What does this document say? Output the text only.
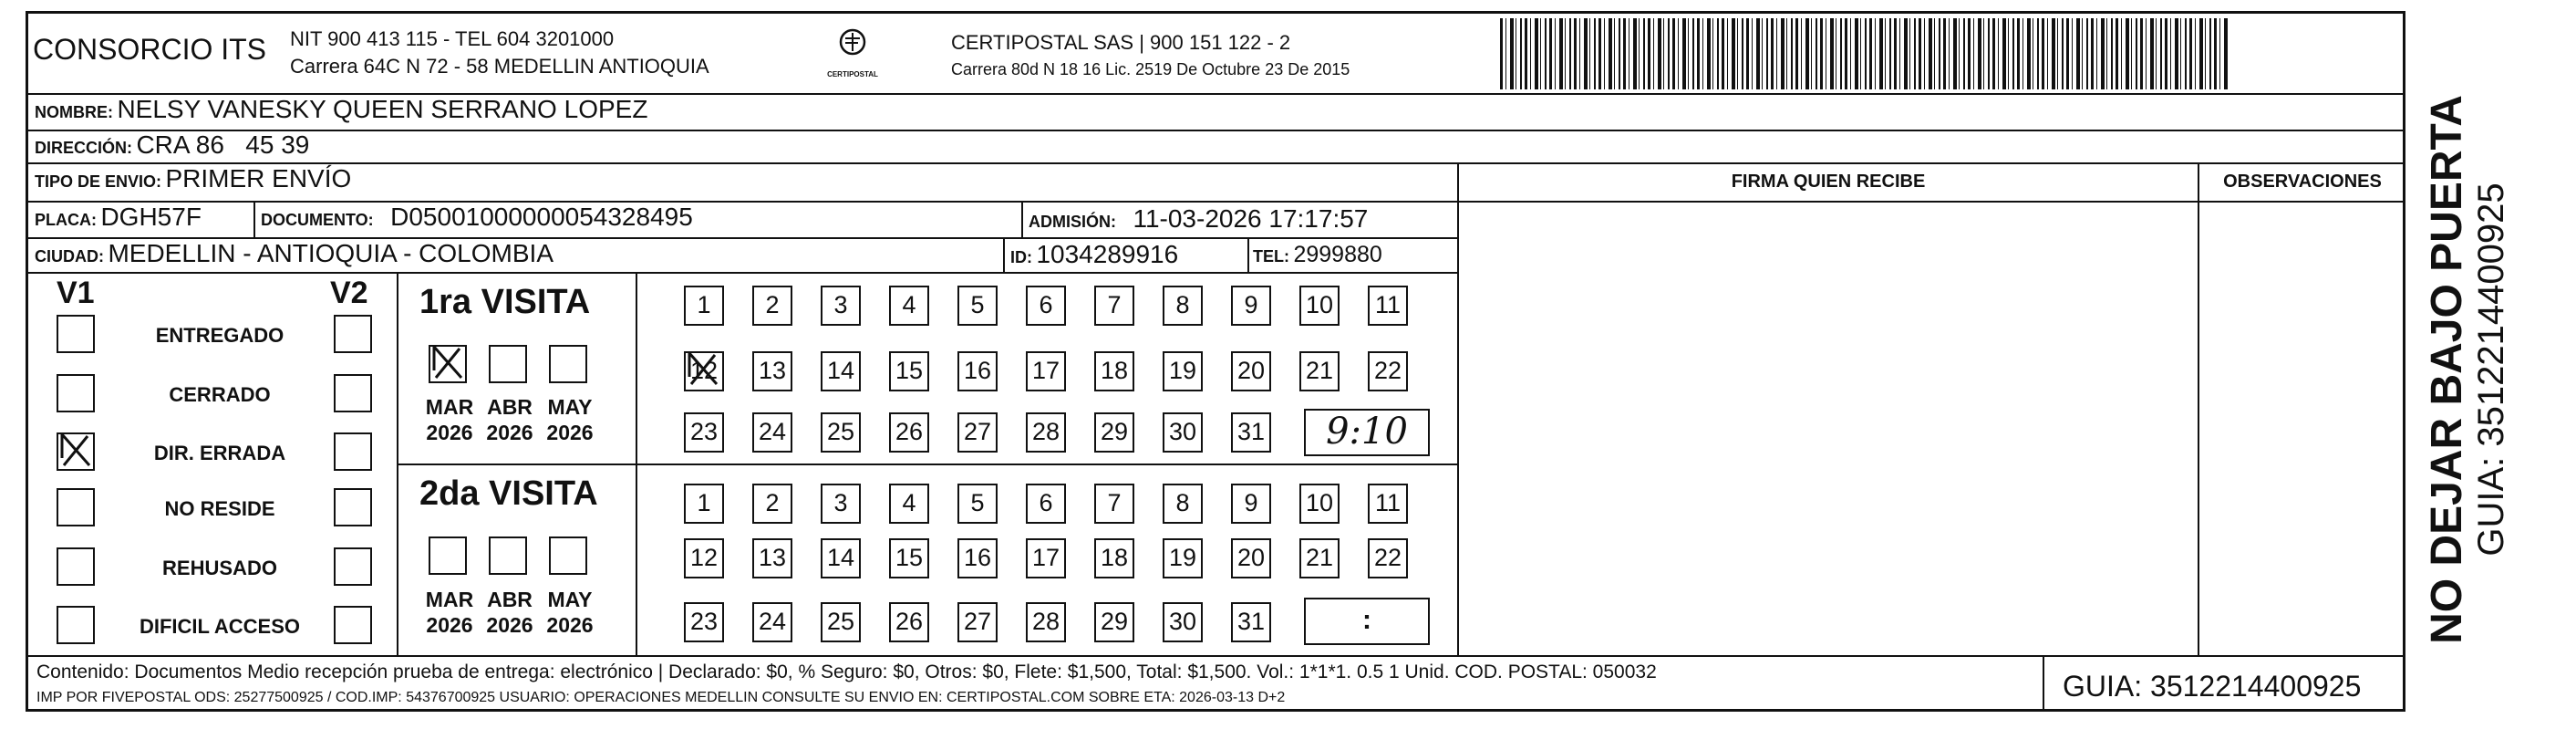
CONSORCIO ITS NIT 900 413 115 - TEL 604 3201000
Carrera 64C N 72 - 58 MEDELLIN ANTIOQUIA	CERTIPOSTAL
CERTIPOSTAL SAS | 900 151 122 - 2
Carrera 80d N 18 16 Lic. 2519 De Octubre 23 De 2015
NOMBRE: NELSY VANESKY QUEEN SERRANO LOPEZ
DIRECCIÓN: CRA 86   45 39
TIPO DE ENVIO: PRIMER ENVÍO
PLACA: DGH57F	DOCUMENTO: D05001000000054328495	ADMISIÓN: 11-03-2026 17:17:57
CIUDAD: MEDELLIN - ANTIOQUIA - COLOMBIA	ID: 1034289916	TEL: 2999880
FIRMA QUIEN RECIBE	OBSERVACIONES
V1	V2
ENTREGADO
CERRADO
DIR. ERRADA
NO RESIDE
REHUSADO
DIFICIL ACCESO
1ra VISITA
MAR
2026
ABR
2026
MAY
2026
1	2	3	4	5	6	7	8	9	10 11
12 13 14 15 16 17 18 19 20 21 22
23 24 25 26 27 28 29 30 31	9:10
2da VISITA
MAR
2026
ABR
2026
MAY
2026
1	2	3	4	5	6	7	8	9	10 11
12 13 14 15 16 17 18 19 20 21 22
23 24 25 26 27 28 29 30 31	:
Contenido: Documentos Medio recepción prueba de entrega: electrónico | Declarado: $0, % Seguro: $0, Otros: $0, Flete: $1,500, Total: $1,500. Vol.: 1*1*1. 0.5 1 Unid. COD. POSTAL: 050032
IMP POR FIVEPOSTAL ODS: 25277500925 / COD.IMP: 54376700925 USUARIO: OPERACIONES MEDELLIN CONSULTE SU ENVIO EN: CERTIPOSTAL.COM SOBRE ETA: 2026-03-13 D+2	GUIA: 3512214400925
NO DEJAR BAJO PUERTA GUIA: 3512214400925
